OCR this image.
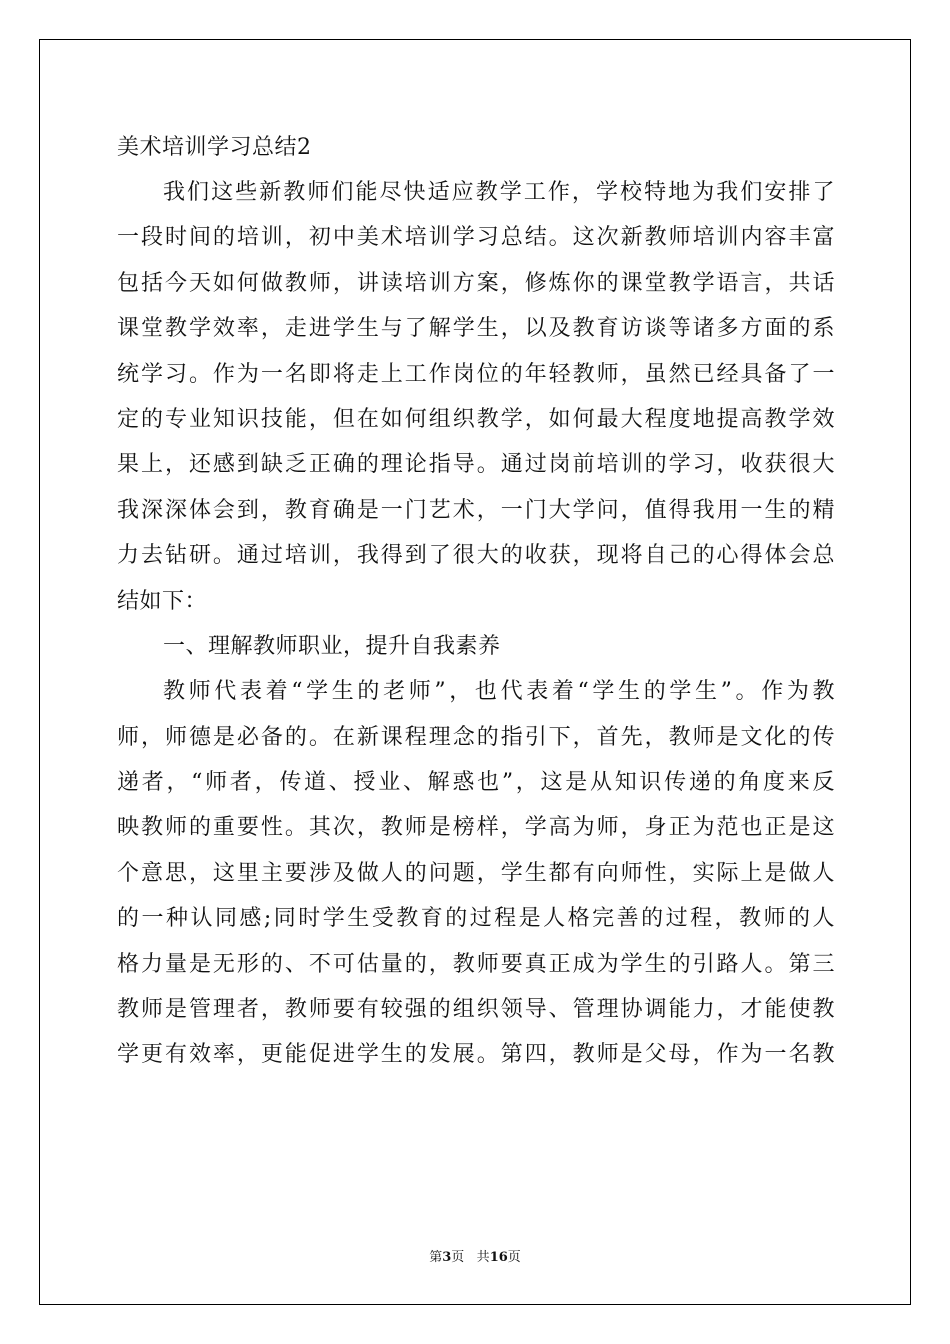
美术培训学习总结2
我们这些新教师们能尽快适应教学工作，学校特地为我们安排了
一段时间的培训，初中美术培训学习总结。这次新教师培训内容丰富
包括今天如何做教师，讲读培训方案，修炼你的课堂教学语言，共话
课堂教学效率，走进学生与了解学生，以及教育访谈等诸多方面的系
统学习。作为一名即将走上工作岗位的年轻教师，虽然已经具备了一
定的专业知识技能，但在如何组织教学，如何最大程度地提高教学效
果上，还感到缺乏正确的理论指导。通过岗前培训的学习，收获很大
我深深体会到，教育确是一门艺术，一门大学问，值得我用一生的精
力去钻研。通过培训，我得到了很大的收获，现将自己的心得体会总
结如下：
一、理解教师职业，提升自我素养
教师代表着“学生的老师”，也代表着“学生的学生”。作为教
师，师德是必备的。在新课程理念的指引下，首先，教师是文化的传
递者，“师者，传道、授业、解惑也”，这是从知识传递的角度来反
映教师的重要性。其次，教师是榜样，学高为师，身正为范也正是这
个意思，这里主要涉及做人的问题，学生都有向师性，实际上是做人
的一种认同感;同时学生受教育的过程是人格完善的过程，教师的人
格力量是无形的、不可估量的，教师要真正成为学生的引路人。第三
教师是管理者，教师要有较强的组织领导、管理协调能力，才能使教
学更有效率，更能促进学生的发展。第四，教师是父母，作为一名教
第3页 共16页
